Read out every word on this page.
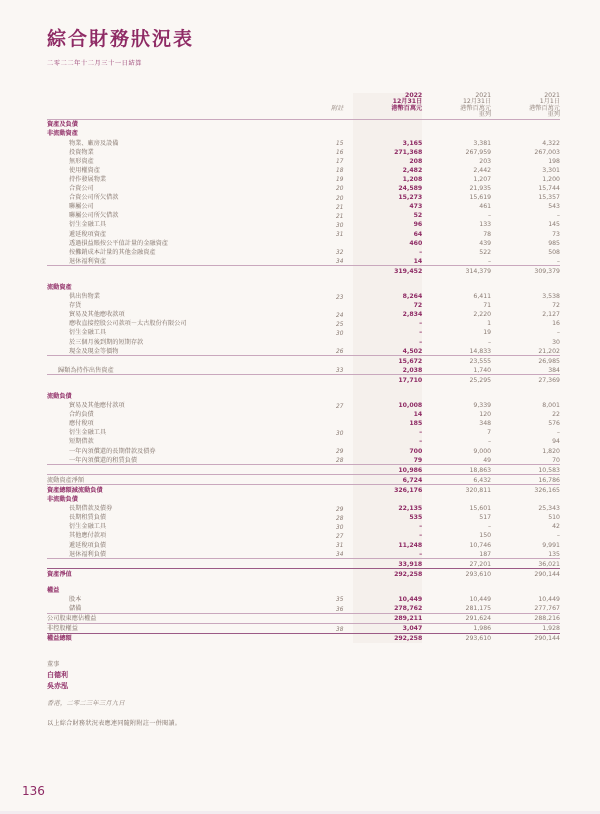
綜合財務狀況表
二零二二年十二月三十一日結算
		2022	2021	2021
		12月31日	12月31日	1月1日
	附註	港幣百萬元	港幣百萬元	港幣百萬元
			重列	重列
資產及負債				
非流動資產				
物業、廠房及設備	15	3,165	3,381	4,322
投資物業	16	271,368	267,959	267,003
無形資產	17	208	203	198
使用權資產	18	2,482	2,442	3,301
持作發展物業	19	1,208	1,207	1,200
合資公司	20	24,589	21,935	15,744
合資公司所欠借款	20	15,273	15,619	15,357
聯屬公司	21	473	461	543
聯屬公司所欠借款	21	52	–	–
衍生金融工具	30	96	133	145
遞延稅項資產	31	64	78	73
透過損益賬按公平值計量的金融資產		460	439	985
按攤銷成本計量的其他金融資產	32	–	522	508
退休福利資產	34	14	–	–
		319,452	314,379	309,379

流動資產				
供出售物業	23	8,264	6,411	3,538
存貨		72	71	72
貿易及其他應收款項	24	2,834	2,220	2,127
應收直接控股公司款項－太古股份有限公司	25	–	1	16
衍生金融工具	30	–	19	–
於三個月後到期的短期存款		–	–	30
現金及現金等價物	26	4,502	14,833	21,202
		15,672	23,555	26,985
歸類為持作出售資產	33	2,038	1,740	384
		17,710	25,295	27,369

流動負債				
貿易及其他應付款項	27	10,008	9,339	8,001
合約負債		14	120	22
應付稅項		185	348	576
衍生金融工具	30	–	7	–
短期借款		–	–	94
一年內須償還的長期借款及債券	29	700	9,000	1,820
一年內須償還的租賃負債	28	79	49	70
		10,986	18,863	10,583
流動資產淨額		6,724	6,432	16,786
資產總額減流動負債		326,176	320,811	326,165
非流動負債				
長期借款及債券	29	22,135	15,601	25,343
長期租賃負債	28	535	517	510
衍生金融工具	30	–	–	42
其他應付款項	27	–	150	–
遞延稅項負債	31	11,248	10,746	9,991
退休福利負債	34	–	187	135
		33,918	27,201	36,021
資產淨值		292,258	293,610	290,144

權益				
股本	35	10,449	10,449	10,449
儲備	36	278,762	281,175	277,767
公司股東應佔權益		289,211	291,624	288,216
非控股權益	38	3,047	1,986	1,928
權益總額		292,258	293,610	290,144
董事
白德利
吳赤泓
香港，二零二三年三月九日
以上綜合財務狀況表應連同隨附附註一併閱讀。
136
